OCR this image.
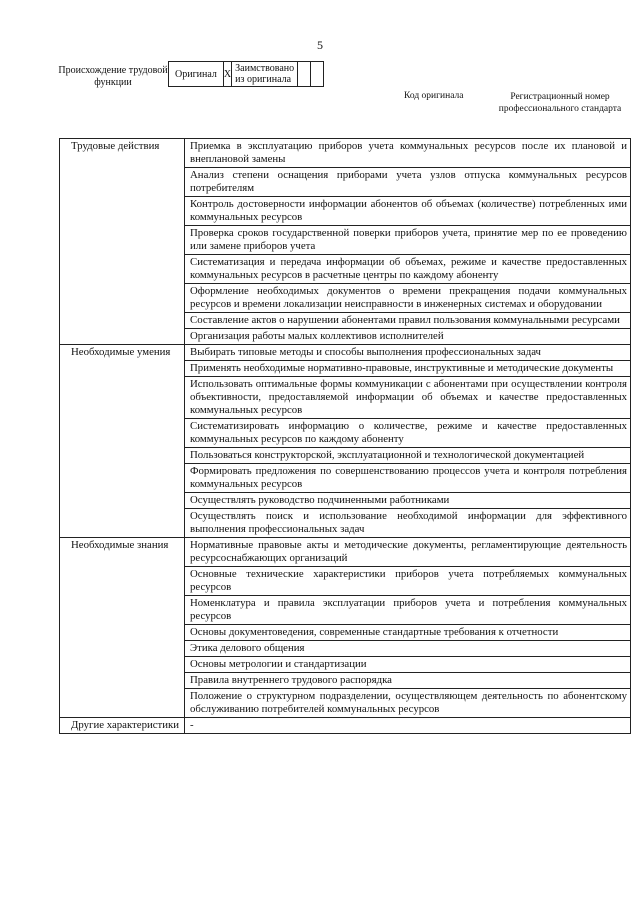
5
Происхождение трудовой функции
Оригинал	X	Заимствовано из оригинала		
Код оригинала	Регистрационный номер профессионального стандарта
Трудовые действия	Приемка в эксплуатацию приборов учета коммунальных ресурсов после их плановой и внеплановой замены
	Анализ степени оснащения приборами учета узлов отпуска коммунальных ресурсов потребителям
	Контроль достоверности информации абонентов об объемах (количестве) потребленных ими коммунальных ресурсов
	Проверка сроков государственной поверки приборов учета, принятие мер по ее проведению или замене приборов учета
	Систематизация и передача информации об объемах, режиме и качестве предоставленных коммунальных ресурсов в расчетные центры по каждому абоненту
	Оформление необходимых документов о времени прекращения подачи коммунальных ресурсов и времени локализации неисправности в инженерных системах и оборудовании
	Составление актов о нарушении абонентами правил пользования коммунальными ресурсами
	Организация работы малых коллективов исполнителей
Необходимые умения	Выбирать типовые методы и способы выполнения профессиональных задач
	Применять необходимые нормативно-правовые, инструктивные и методические документы
	Использовать оптимальные формы коммуникации с абонентами при осуществлении контроля объективности, предоставляемой информации об объемах и качестве предоставленных коммунальных ресурсов
	Систематизировать информацию о количестве, режиме и качестве предоставленных коммунальных ресурсов по каждому абоненту
	Пользоваться конструкторской, эксплуатационной и технологической документацией
	Формировать предложения по совершенствованию процессов учета и контроля потребления коммунальных ресурсов
	Осуществлять руководство подчиненными работниками
	Осуществлять поиск и использование необходимой информации для эффективного выполнения профессиональных задач
Необходимые знания	Нормативные правовые акты и методические документы, регламентирующие деятельность ресурсоснабжающих организаций
	Основные технические характеристики приборов учета потребляемых коммунальных ресурсов
	Номенклатура и правила эксплуатации приборов учета и потребления коммунальных ресурсов
	Основы документоведения, современные стандартные требования к отчетности
	Этика делового общения
	Основы метрологии и стандартизации
	Правила внутреннего трудового распорядка
	Положение о структурном подразделении, осуществляющем деятельность по абонентскому обслуживанию потребителей коммунальных ресурсов
Другие характеристики	-
